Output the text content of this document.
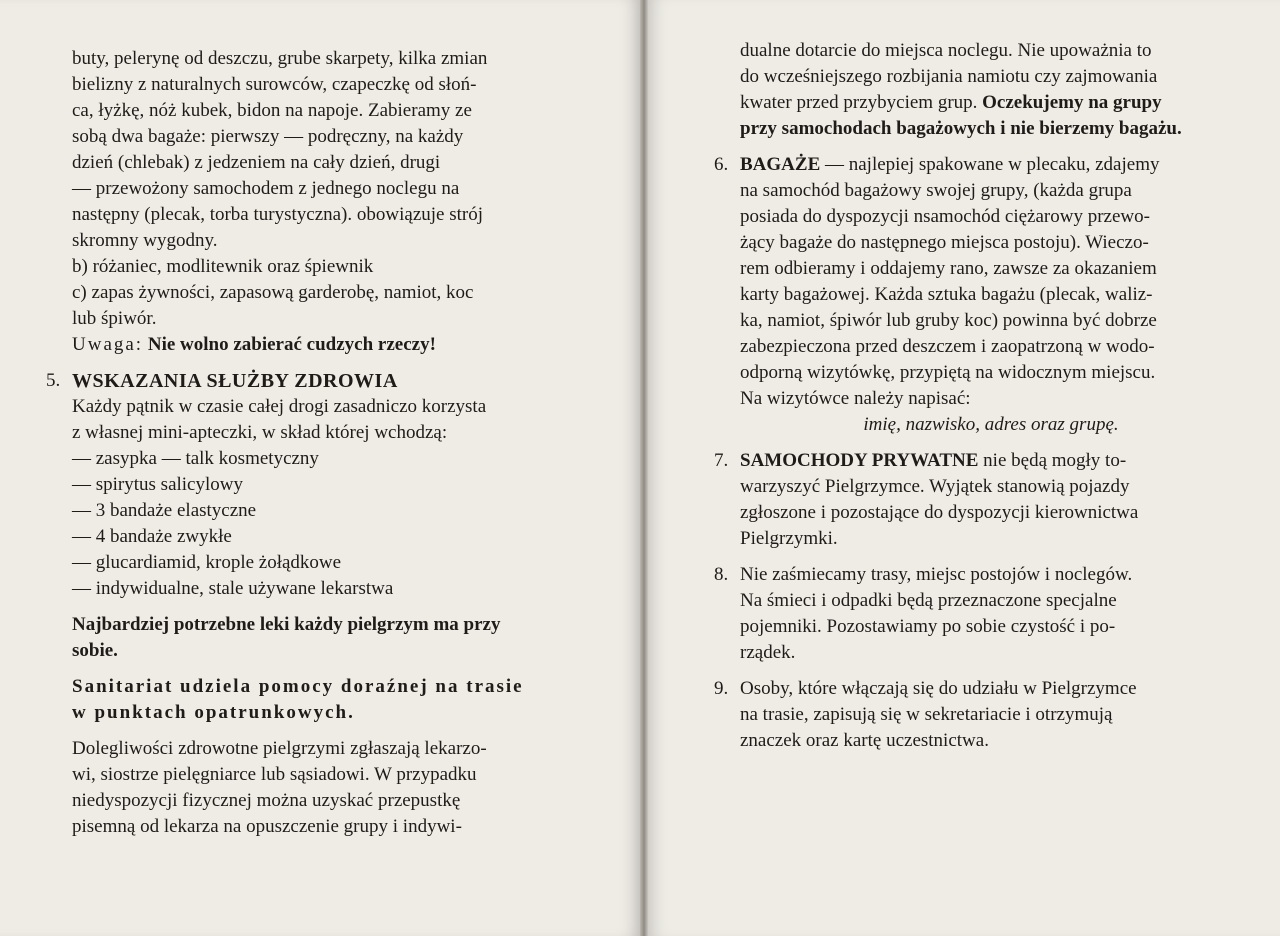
buty, pelerynę od deszczu, grube skarpety, kilka zmian
bielizny z naturalnych surowców, czapeczkę od słoń-
ca, łyżkę, nóż kubek, bidon na napoje. Zabieramy ze
sobą dwa bagaże: pierwszy — podręczny, na każdy
dzień (chlebak) z jedzeniem na cały dzień, drugi
— przewożony samochodem z jednego noclegu na
następny (plecak, torba turystyczna). obowiązuje strój
skromny wygodny.

b) różaniec, modlitewnik oraz śpiewnik

c) zapas żywności, zapasową garderobę, namiot, koc
lub śpiwór.

Uwaga: Nie wolno zabierać cudzych rzeczy!

5. WSKAZANIA SŁUŻBY ZDROWIA

Każdy pątnik w czasie całej drogi zasadniczo korzysta
z własnej mini-apteczki, w skład której wchodzą:
— zasypka — talk kosmetyczny
— spirytus salicylowy
— 3 bandaże elastyczne
— 4 bandaże zwykłe
— glucardiamid, krople żołądkowe
— indywidualne, stale używane lekarstwa
Najbardziej potrzebne leki każdy pielgrzym ma przy
sobie.
Sanitariat udziela pomocy doraźnej na trasie
w punktach opatrunkowych.
Dolegliwości zdrowotne pielgrzymi zgłaszają lekarzo-
wi, siostrze pielęgniarce lub sąsiadowi. W przypadku
niedyspozycji fizycznej można uzyskać przepustkę
pisemną od lekarza na opuszczenie grupy i indywi-
dualne dotarcie do miejsca noclegu. Nie upoważnia to
do wcześniejszego rozbijania namiotu czy zajmowania
kwater przed przybyciem grup. Oczekujemy na grupy
przy samochodach bagażowych i nie bierzemy bagażu.
6. BAGAŻE — najlepiej spakowane w plecaku, zdajemy
na samochód bagażowy swojej grupy, (każda grupa
posiada do dyspozycji nsamochód ciężarowy przewo-
żący bagaże do następnego miejsca postoju). Wieczo-
rem odbieramy i oddajemy rano, zawsze za okazaniem
karty bagażowej. Każda sztuka bagażu (plecak, waliz-
ka, namiot, śpiwór lub gruby koc) powinna być dobrze
zabezpieczona przed deszczem i zaopatrzoną w wodo-
odporną wizytówkę, przypiętą na widocznym miejscu.
Na wizytówce należy napisać:
imię, nazwisko, adres oraz grupę.
7. SAMOCHODY PRYWATNE nie będą mogły to-
warzyszyć Pielgrzymce. Wyjątek stanowią pojazdy
zgłoszone i pozostające do dyspozycji kierownictwa
Pielgrzymki.
8. Nie zaśmiecamy trasy, miejsc postojów i noclegów.
Na śmieci i odpadki będą przeznaczone specjalne
pojemniki. Pozostawiamy po sobie czystość i po-
rządek.
9. Osoby, które włączają się do udziału w Pielgrzymce
na trasie, zapisują się w sekretariacie i otrzymują
znaczek oraz kartę uczestnictwa.
